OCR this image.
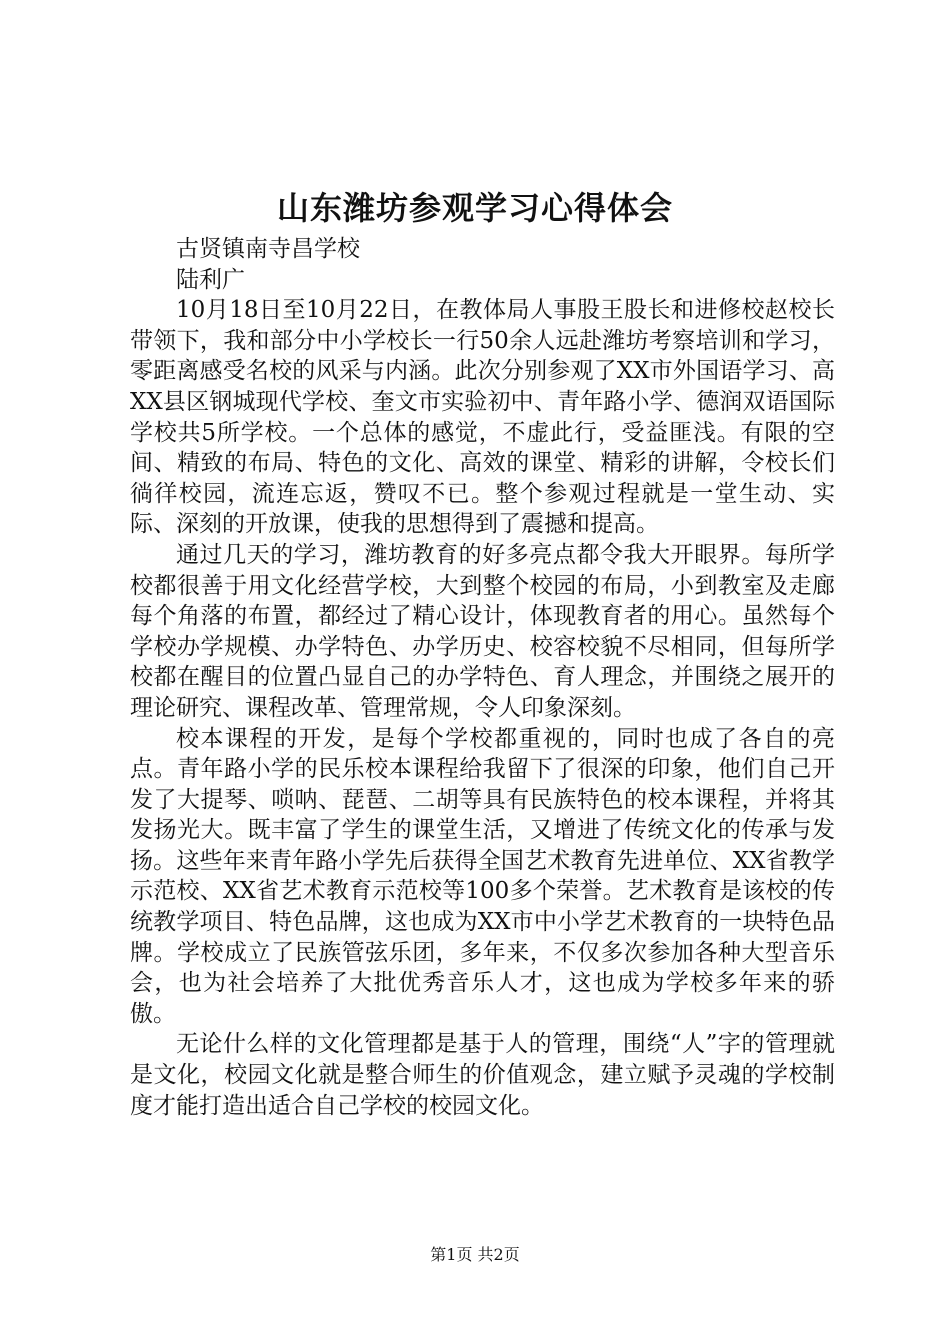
山东潍坊参观学习心得体会

古贤镇南寺昌学校

陆利广

10月18日至10月22日，在教体局人事股王股长和进修校赵校长带领下，我和部分中小学校长一行50余人远赴潍坊考察培训和学习，零距离感受名校的风采与内涵。此次分别参观了XX市外国语学习、高XX县区钢城现代学校、奎文市实验初中、青年路小学、德润双语国际学校共5所学校。一个总体的感觉，不虚此行，受益匪浅。有限的空间、精致的布局、特色的文化、高效的课堂、精彩的讲解，令校长们徜徉校园，流连忘返，赞叹不已。整个参观过程就是一堂生动、实际、深刻的开放课，使我的思想得到了震撼和提高。

通过几天的学习，潍坊教育的好多亮点都令我大开眼界。每所学校都很善于用文化经营学校，大到整个校园的布局，小到教室及走廊每个角落的布置，都经过了精心设计，体现教育者的用心。虽然每个学校办学规模、办学特色、办学历史、校容校貌不尽相同，但每所学校都在醒目的位置凸显自己的办学特色、育人理念，并围绕之展开的理论研究、课程改革、管理常规，令人印象深刻。

校本课程的开发，是每个学校都重视的，同时也成了各自的亮点。青年路小学的民乐校本课程给我留下了很深的印象，他们自己开发了大提琴、唢呐、琵琶、二胡等具有民族特色的校本课程，并将其发扬光大。既丰富了学生的课堂生活，又增进了传统文化的传承与发扬。这些年来青年路小学先后获得全国艺术教育先进单位、XX省教学示范校、XX省艺术教育示范校等100多个荣誉。艺术教育是该校的传统教学项目、特色品牌，这也成为XX市中小学艺术教育的一块特色品牌。学校成立了民族管弦乐团，多年来，不仅多次参加各种大型音乐会，也为社会培养了大批优秀音乐人才，这也成为学校多年来的骄傲。

无论什么样的文化管理都是基于人的管理，围绕“人”字的管理就是文化，校园文化就是整合师生的价值观念，建立赋予灵魂的学校制度才能打造出适合自己学校的校园文化。

第1页 共2页
